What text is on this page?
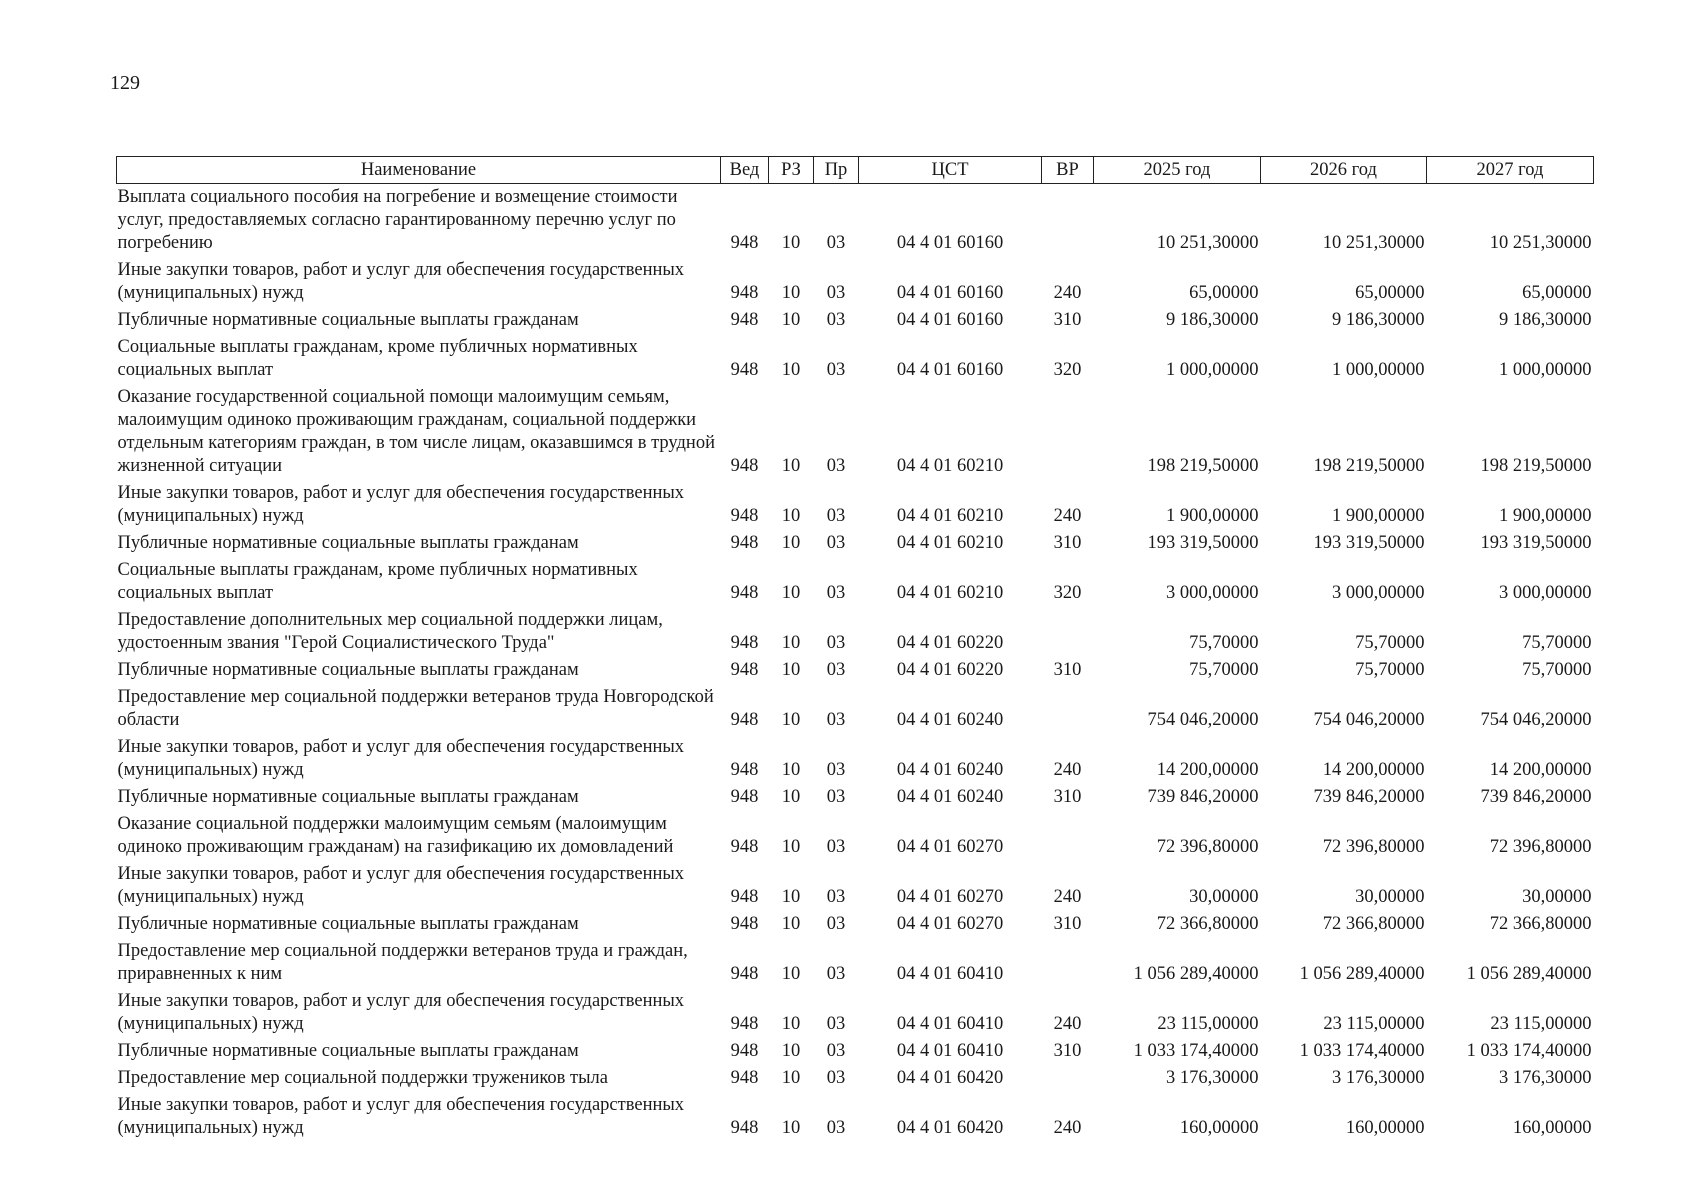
129
Наименование	Вед	РЗ	Пр	ЦСТ	ВР	2025 год	2026 год	2027 год
Выплата социального пособия на погребение и возмещение стоимости услуг, предоставляемых согласно гарантированному перечню услуг по погребению	948	10	03	04 4 01 60160		10 251,30000	10 251,30000	10 251,30000
Иные закупки товаров, работ и услуг для обеспечения государственных (муниципальных) нужд	948	10	03	04 4 01 60160	240	65,00000	65,00000	65,00000
Публичные нормативные социальные выплаты гражданам	948	10	03	04 4 01 60160	310	9 186,30000	9 186,30000	9 186,30000
Социальные выплаты гражданам, кроме публичных нормативных социальных выплат	948	10	03	04 4 01 60160	320	1 000,00000	1 000,00000	1 000,00000
Оказание государственной социальной помощи малоимущим семьям, малоимущим одиноко проживающим гражданам, социальной поддержки отдельным категориям граждан, в том числе лицам, оказавшимся в трудной жизненной ситуации	948	10	03	04 4 01 60210		198 219,50000	198 219,50000	198 219,50000
Иные закупки товаров, работ и услуг для обеспечения государственных (муниципальных) нужд	948	10	03	04 4 01 60210	240	1 900,00000	1 900,00000	1 900,00000
Публичные нормативные социальные выплаты гражданам	948	10	03	04 4 01 60210	310	193 319,50000	193 319,50000	193 319,50000
Социальные выплаты гражданам, кроме публичных нормативных социальных выплат	948	10	03	04 4 01 60210	320	3 000,00000	3 000,00000	3 000,00000
Предоставление дополнительных мер социальной поддержки лицам, удостоенным звания "Герой Социалистического Труда"	948	10	03	04 4 01 60220		75,70000	75,70000	75,70000
Публичные нормативные социальные выплаты гражданам	948	10	03	04 4 01 60220	310	75,70000	75,70000	75,70000
Предоставление мер социальной поддержки ветеранов труда Новгородской области	948	10	03	04 4 01 60240		754 046,20000	754 046,20000	754 046,20000
Иные закупки товаров, работ и услуг для обеспечения государственных (муниципальных) нужд	948	10	03	04 4 01 60240	240	14 200,00000	14 200,00000	14 200,00000
Публичные нормативные социальные выплаты гражданам	948	10	03	04 4 01 60240	310	739 846,20000	739 846,20000	739 846,20000
Оказание социальной поддержки малоимущим семьям (малоимущим одиноко проживающим гражданам) на газификацию их домовладений	948	10	03	04 4 01 60270		72 396,80000	72 396,80000	72 396,80000
Иные закупки товаров, работ и услуг для обеспечения государственных (муниципальных) нужд	948	10	03	04 4 01 60270	240	30,00000	30,00000	30,00000
Публичные нормативные социальные выплаты гражданам	948	10	03	04 4 01 60270	310	72 366,80000	72 366,80000	72 366,80000
Предоставление мер социальной поддержки ветеранов труда и граждан, приравненных к ним	948	10	03	04 4 01 60410		1 056 289,40000	1 056 289,40000	1 056 289,40000
Иные закупки товаров, работ и услуг для обеспечения государственных (муниципальных) нужд	948	10	03	04 4 01 60410	240	23 115,00000	23 115,00000	23 115,00000
Публичные нормативные социальные выплаты гражданам	948	10	03	04 4 01 60410	310	1 033 174,40000	1 033 174,40000	1 033 174,40000
Предоставление мер социальной поддержки тружеников тыла	948	10	03	04 4 01 60420		3 176,30000	3 176,30000	3 176,30000
Иные закупки товаров, работ и услуг для обеспечения государственных (муниципальных) нужд	948	10	03	04 4 01 60420	240	160,00000	160,00000	160,00000
